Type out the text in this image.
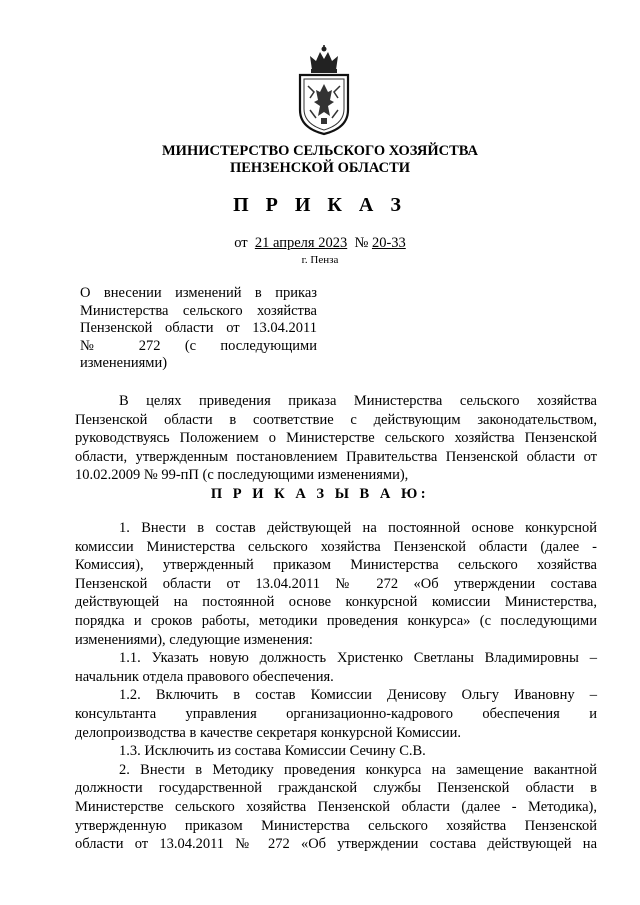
МИНИСТЕРСТВО СЕЛЬСКОГО ХОЗЯЙСТВА
ПЕНЗЕНСКОЙ ОБЛАСТИ
П Р И К А З
от 21 апреля 2023 № 20-33
г. Пенза
О внесении изменений в приказ
Министерства сельского хозяйства
Пензенской области от 13.04.2011
№ 272 (с последующими
изменениями)
В целях приведения приказа Министерства сельского хозяйства
Пензенской области в соответствие с действующим законодательством,
руководствуясь Положением о Министерстве сельского хозяйства Пензенской
области, утвержденным постановлением Правительства Пензенской области от
10.02.2009 № 99-пП (с последующими изменениями),
П Р И К А З Ы В А Ю:
1. Внести в состав действующей на постоянной основе конкурсной
комиссии Министерства сельского хозяйства Пензенской области (далее -
Комиссия), утвержденный приказом Министерства сельского хозяйства
Пензенской области от 13.04.2011 № 272 «Об утверждении состава
действующей на постоянной основе конкурсной комиссии Министерства,
порядка и сроков работы, методики проведения конкурса» (с последующими
изменениями), следующие изменения:
1.1. Указать новую должность Христенко Светланы Владимировны –
начальник отдела правового обеспечения.
1.2. Включить в состав Комиссии Денисову Ольгу Ивановну –
консультанта управления организационно-кадрового обеспечения и
делопроизводства в качестве секретаря конкурсной Комиссии.
1.3. Исключить из состава Комиссии Сечину С.В.
2. Внести в Методику проведения конкурса на замещение вакантной
должности государственной гражданской службы Пензенской области в
Министерстве сельского хозяйства Пензенской области (далее - Методика),
утвержденную приказом Министерства сельского хозяйства Пензенской
области от 13.04.2011 № 272 «Об утверждении состава действующей на
